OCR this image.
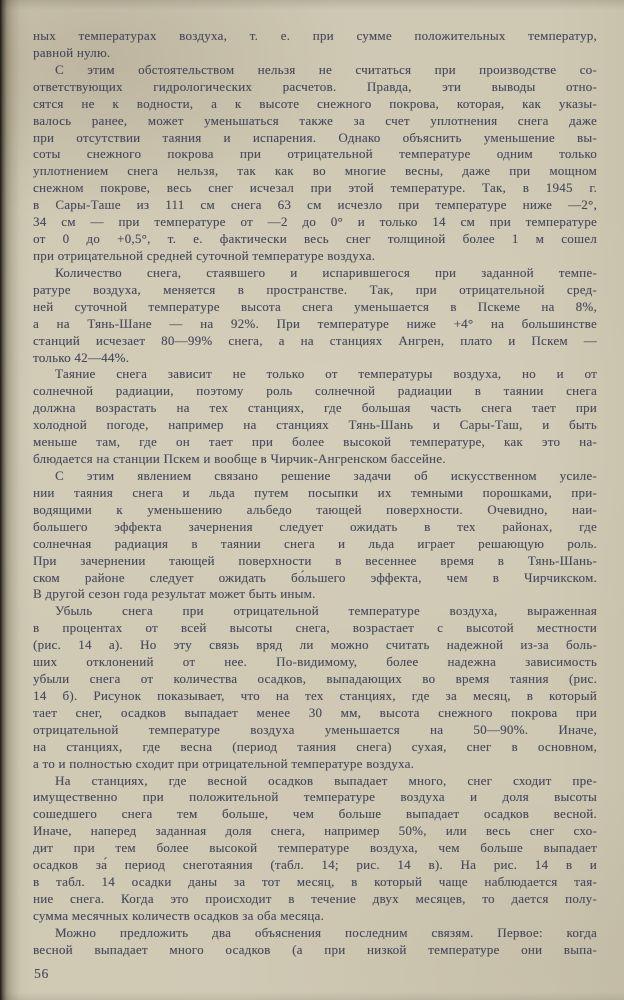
ных температурах воздуха, т. е. при сумме положительных температур,
равной нулю.
С этим обстоятельством нельзя не считаться при производстве со-
ответствующих гидрологических расчетов. Правда, эти выводы отно-
сятся не к водности, а к высоте снежного покрова, которая, как указы-
валось ранее, может уменьшаться также за счет уплотнения снега даже
при отсутствии таяния и испарения. Однако объяснить уменьшение вы-
соты снежного покрова при отрицательной температуре одним только
уплотнением снега нельзя, так как во многие весны, даже при мощном
снежном покрове, весь снег исчезал при этой температуре. Так, в 1945 г.
в Сары-Таше из 111 см снега 63 см исчезло при температуре ниже —2°,
34 см — при температуре от —2 до 0° и только 14 см при температуре
от 0 до +0,5°, т. е. фактически весь снег толщиной более 1 м сошел
при отрицательной средней суточной температуре воздуха.
Количество снега, стаявшего и испарившегося при заданной темпе-
ратуре воздуха, меняется в пространстве. Так, при отрицательной сред-
ней суточной температуре высота снега уменьшается в Пскеме на 8%,
а на Тянь-Шане — на 92%. При температуре ниже +4° на большинстве
станций исчезает 80—99% снега, а на станциях Ангрен, плато и Пскем —
только 42—44%.
Таяние снега зависит не только от температуры воздуха, но и от
солнечной радиации, поэтому роль солнечной радиации в таянии снега
должна возрастать на тех станциях, где большая часть снега тает при
холодной погоде, например на станциях Тянь-Шань и Сары-Таш, и быть
меньше там, где он тает при более высокой температуре, как это на-
блюдается на станции Пскем и вообще в Чирчик-Ангренском бассейне.
С этим явлением связано решение задачи об искусственном усиле-
нии таяния снега и льда путем посыпки их темными порошками, при-
водящими к уменьшению альбедо тающей поверхности. Очевидно, наи-
большего эффекта зачернения следует ожидать в тех районах, где
солнечная радиация в таянии снега и льда играет решающую роль.
При зачернении тающей поверхности в весеннее время в Тянь-Шань-
ском районе следует ожидать бо́льшего эффекта, чем в Чирчикском.
В другой сезон года результат может быть иным.
Убыль снега при отрицательной температуре воздуха, выраженная
в процентах от всей высоты снега, возрастает с высотой местности
(рис. 14 а). Но эту связь вряд ли можно считать надежной из-за боль-
ших отклонений от нее. По-видимому, более надежна зависимость
убыли снега от количества осадков, выпадающих во время таяния (рис.
14 б). Рисунок показывает, что на тех станциях, где за месяц, в который
тает снег, осадков выпадает менее 30 мм, высота снежного покрова при
отрицательной температуре воздуха уменьшается на 50—90%. Иначе,
на станциях, где весна (период таяния снега) сухая, снег в основном,
а то и полностью сходит при отрицательной температуре воздуха.
На станциях, где весной осадков выпадает много, снег сходит пре-
имущественно при положительной температуре воздуха и доля высоты
сошедшего снега тем больше, чем больше выпадает осадков весной.
Иначе, наперед заданная доля снега, например 50%, или весь снег схо-
дит при тем более высокой температуре воздуха, чем больше выпадает
осадков за́ период снеготаяния (табл. 14; рис. 14 в). На рис. 14 в и
в табл. 14 осадки даны за тот месяц, в который чаще наблюдается тая-
ние снега. Когда это происходит в течение двух месяцев, то дается полу-
сумма месячных количеств осадков за оба месяца.
Можно предложить два объяснения последним связям. Первое: когда
весной выпадает много осадков (а при низкой температуре они выпа-
56
